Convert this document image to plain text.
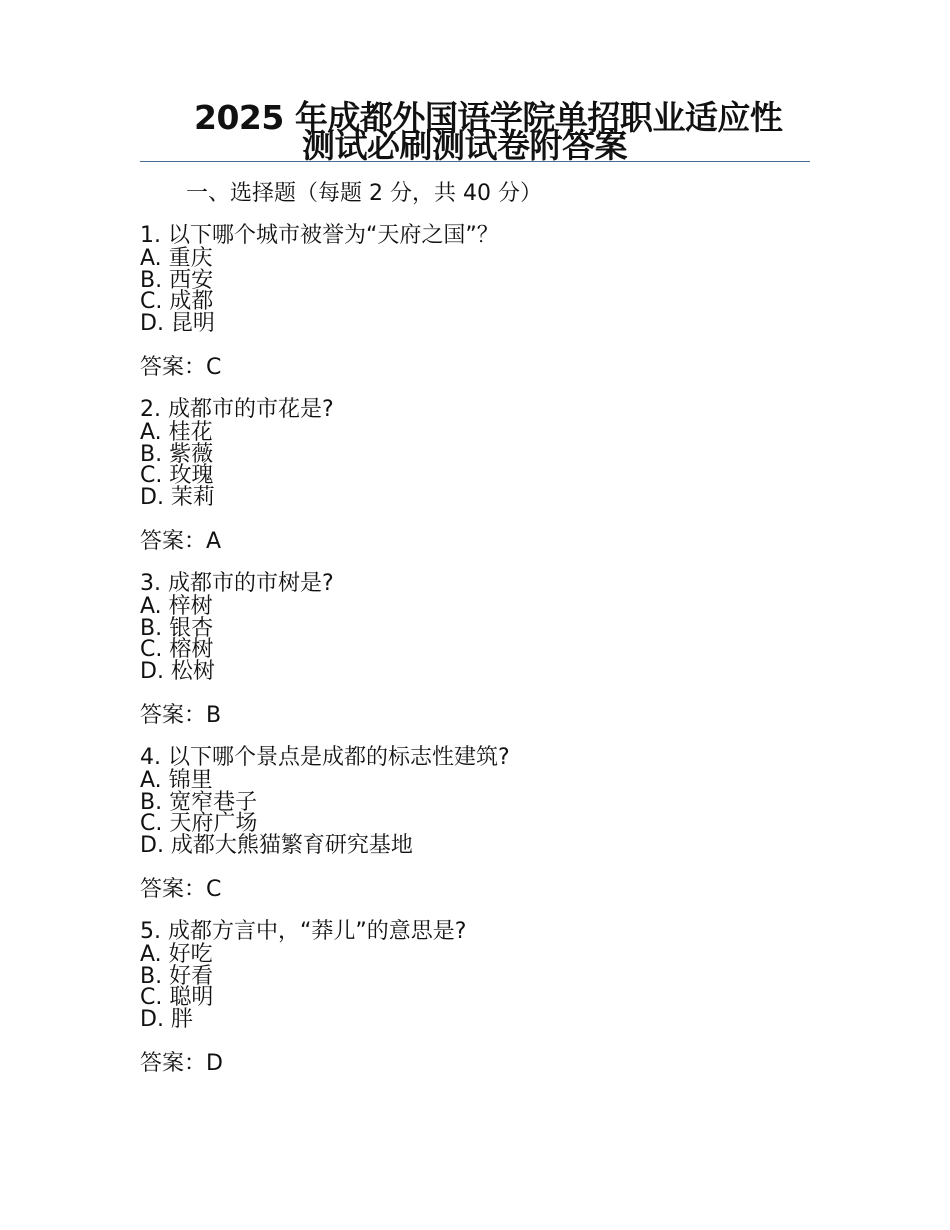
2025 年成都外国语学院单招职业适应性
测试必刷测试卷附答案
一、选择题（每题 2 分，共 40 分）
1. 以下哪个城市被誉为“天府之国”？
A. 重庆
B. 西安
C. 成都
D. 昆明
答案：C
2. 成都市的市花是?
A. 桂花
B. 紫薇
C. 玫瑰
D. 茉莉
答案：A
3. 成都市的市树是?
A. 梓树
B. 银杏
C. 榕树
D. 松树
答案：B
4. 以下哪个景点是成都的标志性建筑?
A. 锦里
B. 宽窄巷子
C. 天府广场
D. 成都大熊猫繁育研究基地
答案：C
5. 成都方言中，“莽儿”的意思是?
A. 好吃
B. 好看
C. 聪明
D. 胖
答案：D
